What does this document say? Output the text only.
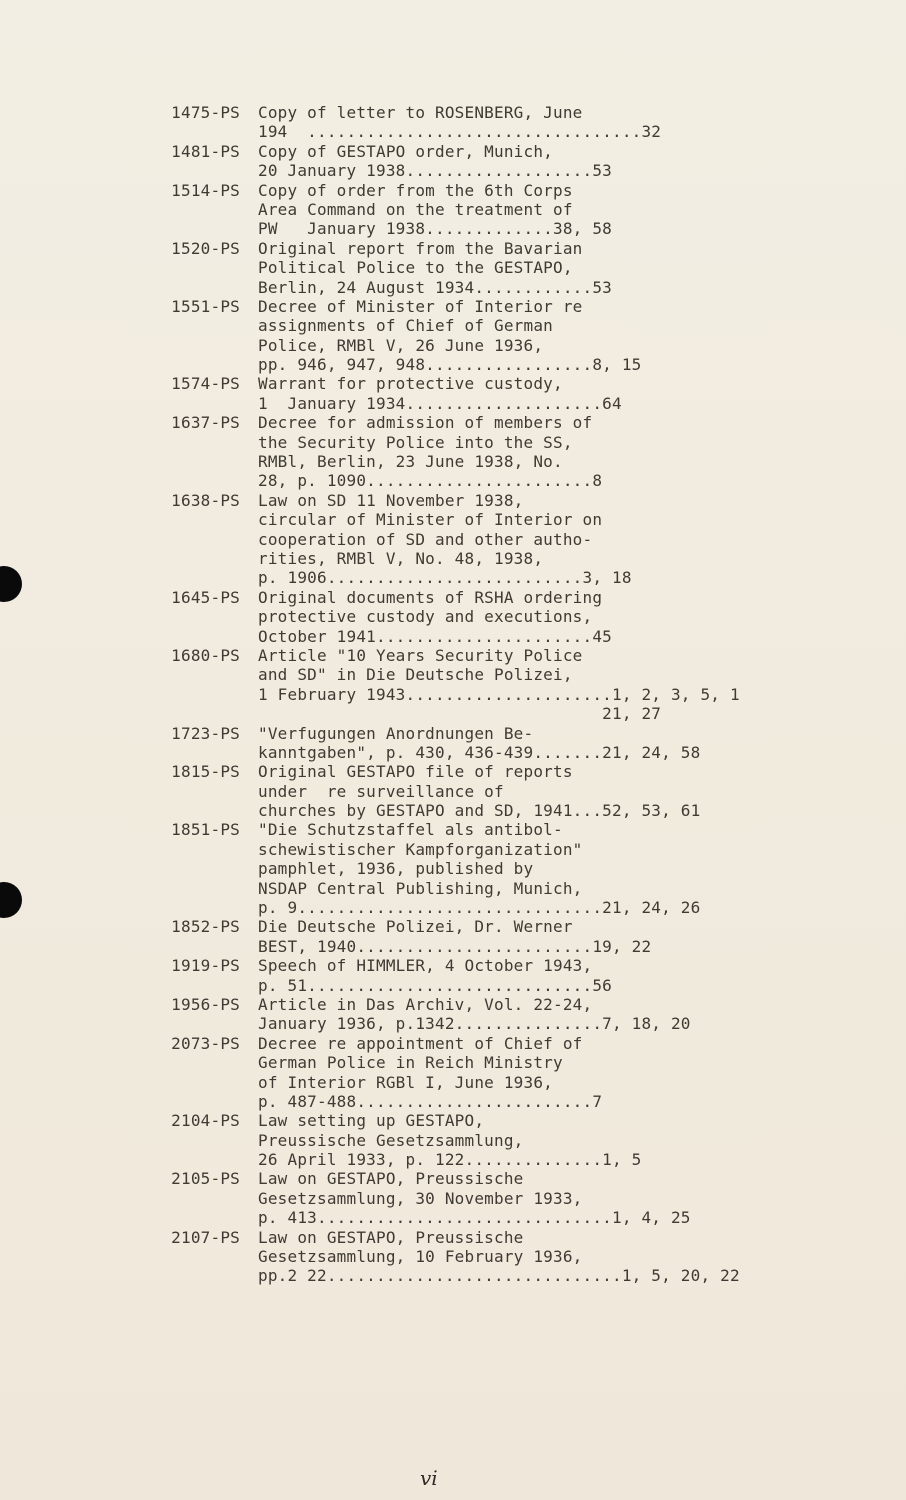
1475-PS Copy of letter to ROSENBERG, June
194  ..................................32
1481-PS Copy of GESTAPO order, Munich,
20 January 1938...................53
1514-PS Copy of order from the 6th Corps
Area Command on the treatment of
PW   January 1938.............38, 58
1520-PS Original report from the Bavarian
Political Police to the GESTAPO,
Berlin, 24 August 1934............53
1551-PS Decree of Minister of Interior re
assignments of Chief of German
Police, RMBl V, 26 June 1936,
pp. 946, 947, 948.................8, 15
1574-PS Warrant for protective custody,
1  January 1934....................64
1637-PS Decree for admission of members of
the Security Police into the SS,
RMBl, Berlin, 23 June 1938, No.
28, p. 1090.......................8
1638-PS Law on SD 11 November 1938,
circular of Minister of Interior on
cooperation of SD and other autho-
rities, RMBl V, No. 48, 1938,
p. 1906..........................3, 18
1645-PS Original documents of RSHA ordering
protective custody and executions,
October 1941......................45
1680-PS Article "10 Years Security Police
and SD" in Die Deutsche Polizei,
1 February 1943.....................1, 2, 3, 5, 1
21, 27
1723-PS "Verfugungen Anordnungen Be-
kanntgaben", p. 430, 436-439.......21, 24, 58
1815-PS Original GESTAPO file of reports
under  re surveillance of
churches by GESTAPO and SD, 1941...52, 53, 61
1851-PS "Die Schutzstaffel als antibol-
schewistischer Kampforganization"
pamphlet, 1936, published by
NSDAP Central Publishing, Munich,
p. 9...............................21, 24, 26
1852-PS Die Deutsche Polizei, Dr. Werner
BEST, 1940........................19, 22
1919-PS Speech of HIMMLER, 4 October 1943,
p. 51.............................56
1956-PS Article in Das Archiv, Vol. 22-24,
January 1936, p.1342...............7, 18, 20
2073-PS Decree re appointment of Chief of
German Police in Reich Ministry
of Interior RGBl I, June 1936,
p. 487-488........................7
2104-PS Law setting up GESTAPO,
Preussische Gesetzsammlung,
26 April 1933, p. 122..............1, 5
2105-PS Law on GESTAPO, Preussische
Gesetzsammlung, 30 November 1933,
p. 413..............................1, 4, 25
2107-PS Law on GESTAPO, Preussische
Gesetzsammlung, 10 February 1936,
pp.2 22..............................1, 5, 20, 22
vi
